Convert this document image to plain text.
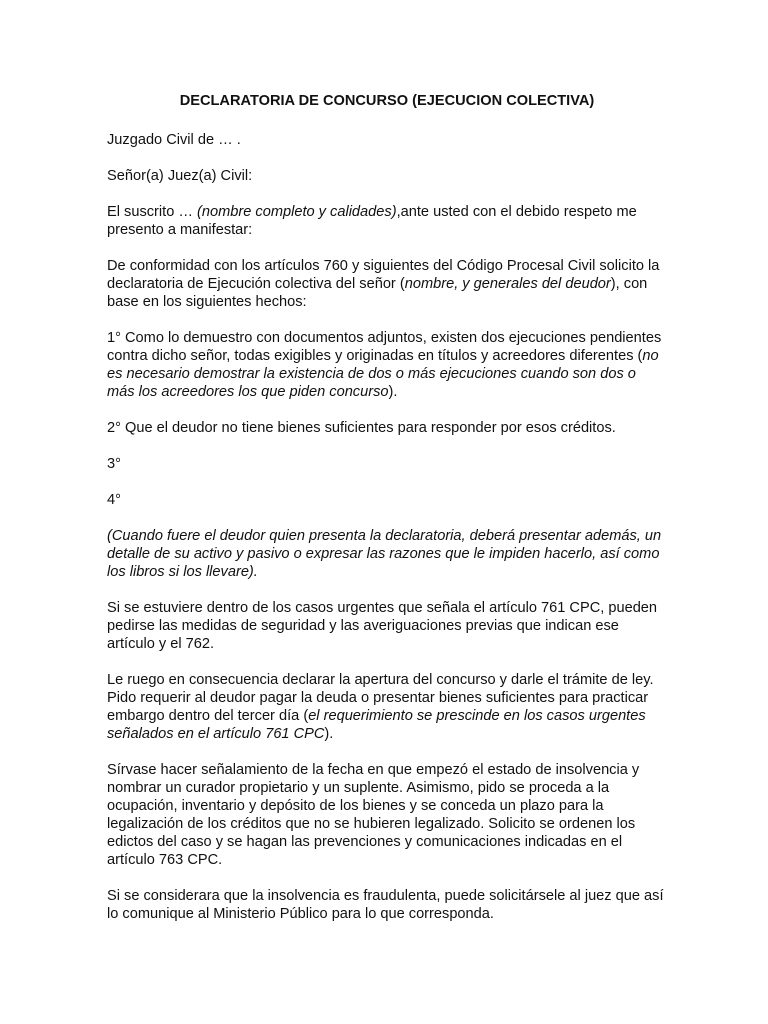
DECLARATORIA DE CONCURSO (EJECUCION COLECTIVA)

Juzgado Civil de … .

Señor(a) Juez(a) Civil:

El suscrito … (nombre completo y calidades),ante usted con el debido respeto me presento a manifestar:

De conformidad con los artículos 760 y siguientes del Código Procesal Civil solicito la declaratoria de Ejecución colectiva del señor (nombre, y generales del deudor), con base en los siguientes hechos:

1° Como lo demuestro con documentos adjuntos, existen dos ejecuciones pendientes contra dicho señor, todas exigibles y originadas en títulos y acreedores diferentes (no es necesario demostrar la existencia de dos o más ejecuciones cuando son dos o más los acreedores los que piden concurso).

2° Que el deudor no tiene bienes suficientes para responder por esos créditos.

3°

4°

(Cuando fuere el deudor quien presenta la declaratoria, deberá presentar además, un detalle de su activo y pasivo o expresar las razones que le impiden hacerlo, así como los libros si los llevare).

Si se estuviere dentro de los casos urgentes que señala el artículo 761 CPC, pueden pedirse las medidas de seguridad y las averiguaciones previas que indican ese artículo y el 762.

Le ruego en consecuencia declarar la apertura del concurso y darle el trámite de ley. Pido requerir al deudor pagar la deuda o presentar bienes suficientes para practicar embargo dentro del tercer día (el requerimiento se prescinde en los casos urgentes señalados en el artículo 761 CPC).

Sírvase hacer señalamiento de la fecha en que empezó el estado de insolvencia y nombrar un curador propietario y un suplente. Asimismo, pido se proceda a la ocupación, inventario y depósito de los bienes y se conceda un plazo para la legalización de los créditos que no se hubieren legalizado. Solicito se ordenen los edictos del caso y se hagan las prevenciones y comunicaciones indicadas en el artículo 763 CPC.

Si se considerara que la insolvencia es fraudulenta, puede solicitársele al juez que así lo comunique al Ministerio Público para lo que corresponda.
